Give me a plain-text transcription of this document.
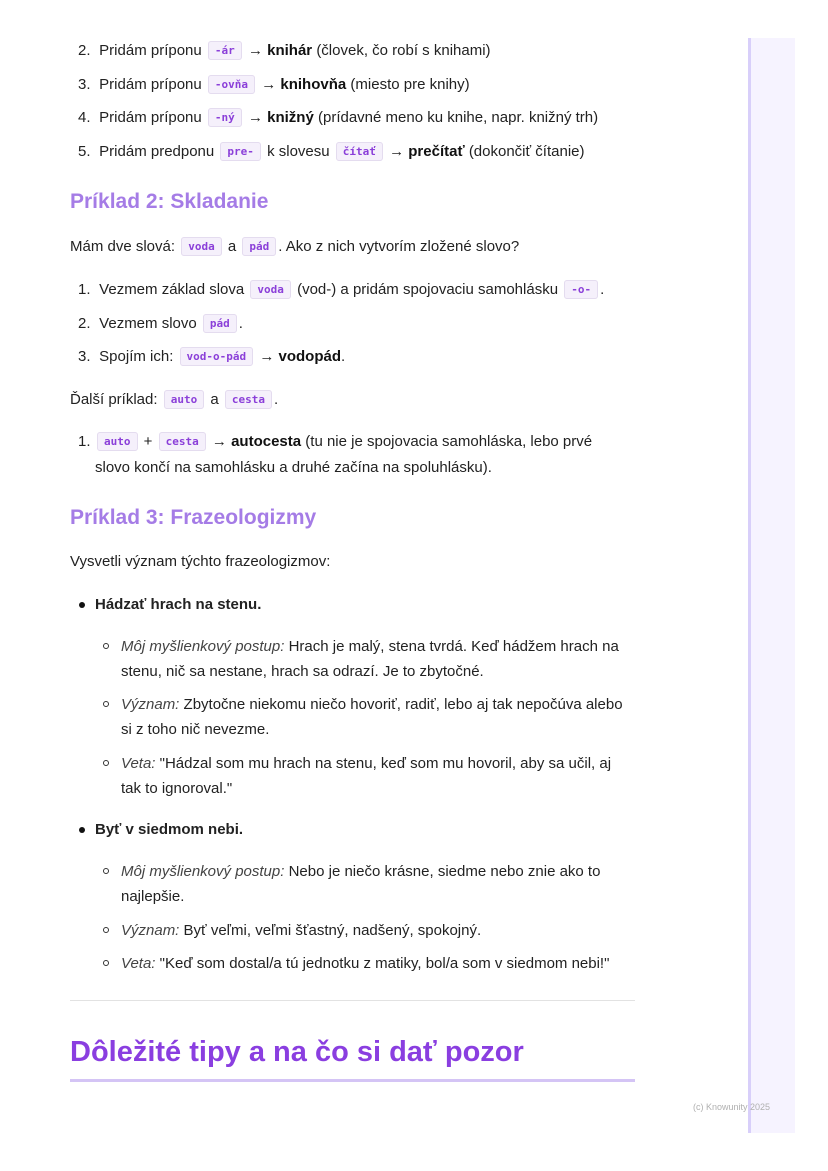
2. Pridám príponu -ár → knihár (človek, čo robí s knihami)
3. Pridám príponu -ovňa → knihovňa (miesto pre knihy)
4. Pridám príponu -ný → knižný (prídavné meno ku knihe, napr. knižný trh)
5. Pridám predponu pre- k slovesu čítať → prečítať (dokončiť čítanie)
Príklad 2: Skladanie
Mám dve slová: voda a pád . Ako z nich vytvorím zložené slovo?
1. Vezmem základ slova voda (vod-) a pridám spojovaciu samohlásku -o- .
2. Vezmem slovo pád .
3. Spojím ich: vod-o-pád → vodopád.
Ďalší príklad: auto a cesta .
1.	auto + cesta → autocesta (tu nie je spojovacia samohláska, lebo prvé slovo končí na samohlásku a druhé začína na spoluhlásku).
Príklad 3: Frazeologizmy
Vysvetli význam týchto frazeologizmov:
Hádzať hrach na stenu.
Môj myšlienkový postup: Hrach je malý, stena tvrdá. Keď hádžem hrach na stenu, nič sa nestane, hrach sa odrazí. Je to zbytočné.
Význam: Zbytočne niekomu niečo hovoriť, radiť, lebo aj tak nepočúva alebo si z toho nič nevezme.
Veta: "Hádzal som mu hrach na stenu, keď som mu hovoril, aby sa učil, aj tak to ignoroval."
Byť v siedmom nebi.
Môj myšlienkový postup: Nebo je niečo krásne, siedme nebo znie ako to najlepšie.
Význam: Byť veľmi, veľmi šťastný, nadšený, spokojný.
Veta: "Keď som dostal/a tú jednotku z matiky, bol/a som v siedmom nebi!"
Dôležité tipy a na čo si dať pozor
(c) Knowunity 2025
